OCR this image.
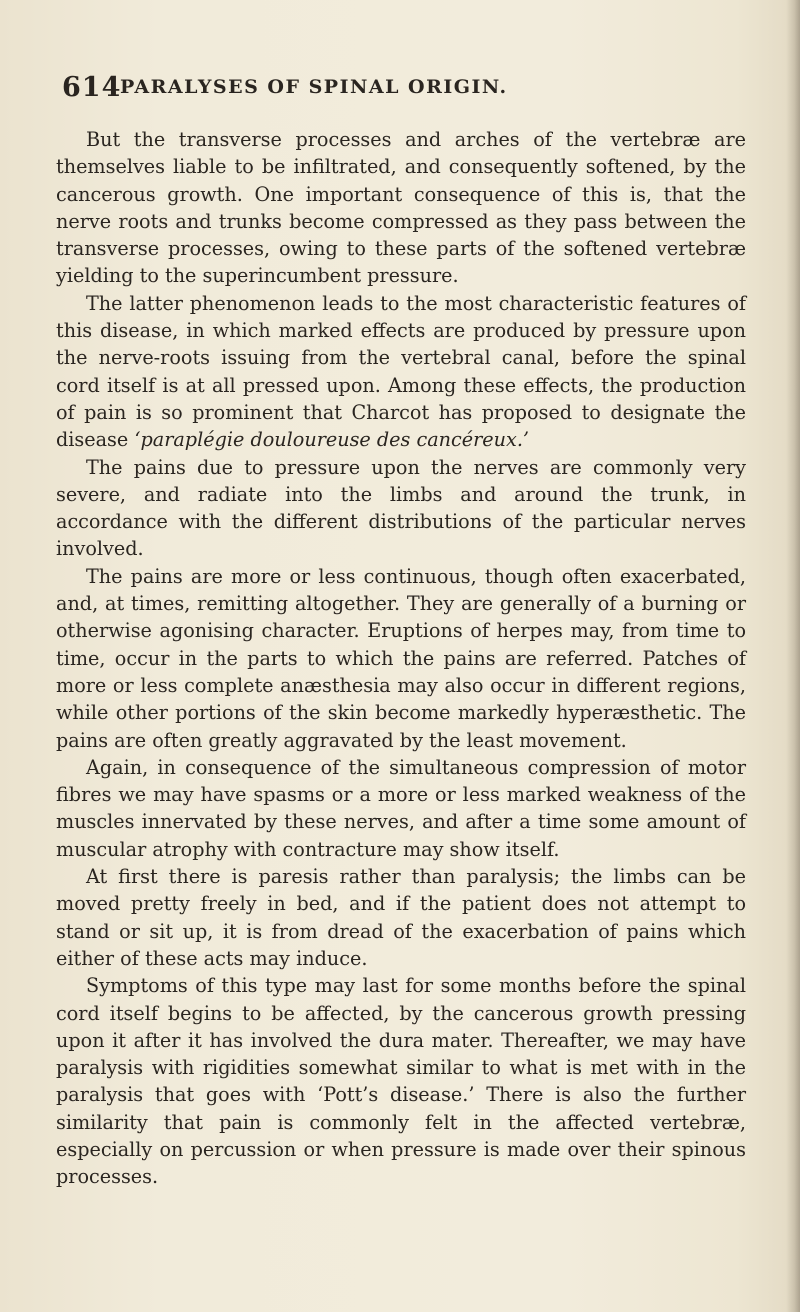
614
PARALYSES OF SPINAL ORIGIN.

But the transverse processes and arches of the vertebræ are themselves liable to be infiltrated, and consequently softened, by the cancerous growth. One important consequence of this is, that the nerve roots and trunks become compressed as they pass between the transverse processes, owing to these parts of the softened vertebræ yielding to the superincumbent pressure.

The latter phenomenon leads to the most characteristic features of this disease, in which marked effects are produced by pressure upon the nerve-roots issuing from the vertebral canal, before the spinal cord itself is at all pressed upon. Among these effects, the production of pain is so prominent that Charcot has proposed to designate the disease ‘paraplégie douloureuse des cancéreux.’

The pains due to pressure upon the nerves are commonly very severe, and radiate into the limbs and around the trunk, in accordance with the different distributions of the particular nerves involved.

The pains are more or less continuous, though often exacerbated, and, at times, remitting altogether. They are generally of a burning or otherwise agonising character. Eruptions of herpes may, from time to time, occur in the parts to which the pains are referred. Patches of more or less complete anæsthesia may also occur in different regions, while other portions of the skin become markedly hyperæsthetic. The pains are often greatly aggravated by the least movement.

Again, in consequence of the simultaneous compression of motor fibres we may have spasms or a more or less marked weakness of the muscles innervated by these nerves, and after a time some amount of muscular atrophy with contracture may show itself.

At first there is paresis rather than paralysis; the limbs can be moved pretty freely in bed, and if the patient does not attempt to stand or sit up, it is from dread of the exacerbation of pains which either of these acts may induce.

Symptoms of this type may last for some months before the spinal cord itself begins to be affected, by the cancerous growth pressing upon it after it has involved the dura mater. Thereafter, we may have paralysis with rigidities somewhat similar to what is met with in the paralysis that goes with ‘Pott’s disease.’ There is also the further similarity that pain is commonly felt in the affected vertebræ, especially on percussion or when pressure is made over their spinous processes.
